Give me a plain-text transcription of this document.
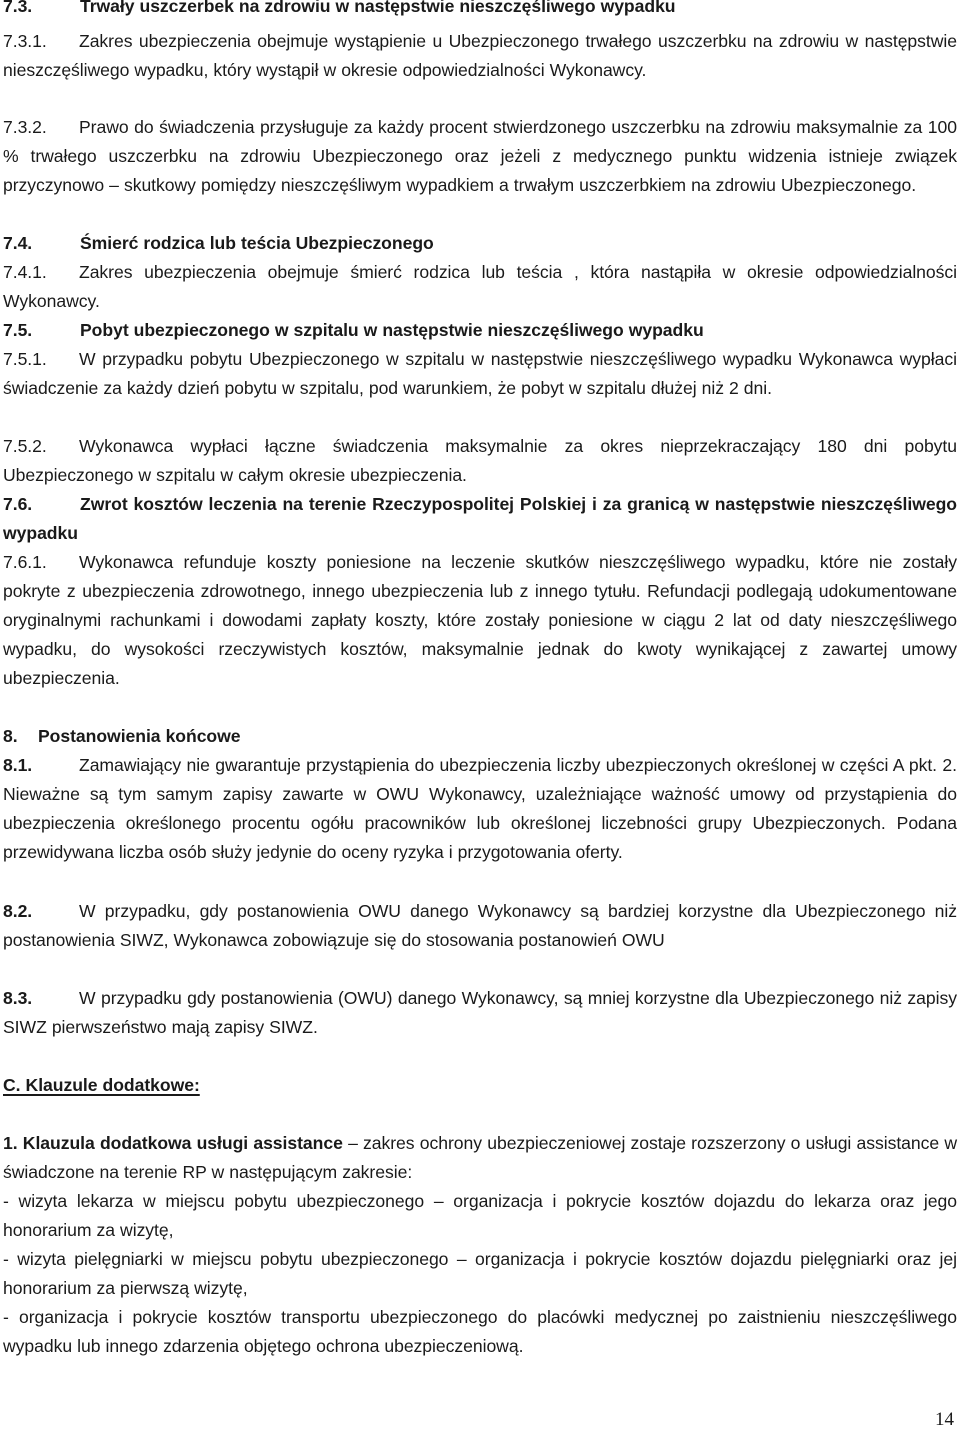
7.3.	Trwały uszczerbek na zdrowiu w następstwie nieszczęśliwego wypadku
7.3.1. Zakres ubezpieczenia obejmuje wystąpienie u Ubezpieczonego trwałego uszczerbku na zdrowiu w następstwie nieszczęśliwego wypadku, który wystąpił w okresie odpowiedzialności Wykonawcy.
7.3.2. Prawo do świadczenia przysługuje za każdy procent stwierdzonego uszczerbku na zdrowiu maksymalnie za 100 % trwałego uszczerbku na zdrowiu Ubezpieczonego oraz jeżeli z medycznego punktu widzenia istnieje związek przyczynowo – skutkowy pomiędzy nieszczęśliwym wypadkiem a trwałym uszczerbkiem na zdrowiu Ubezpieczonego.
7.4.	Śmierć rodzica lub teścia Ubezpieczonego
7.4.1. Zakres ubezpieczenia obejmuje śmierć rodzica lub teścia , która nastąpiła w okresie odpowiedzialności Wykonawcy.
7.5.	Pobyt ubezpieczonego w szpitalu w następstwie nieszczęśliwego wypadku
7.5.1. W przypadku pobytu Ubezpieczonego w szpitalu w następstwie nieszczęśliwego wypadku Wykonawca wypłaci świadczenie za każdy dzień pobytu w szpitalu, pod warunkiem, że pobyt w szpitalu dłużej niż 2 dni.
7.5.2. Wykonawca wypłaci łączne świadczenia maksymalnie za okres nieprzekraczający 180 dni pobytu Ubezpieczonego w szpitalu w całym okresie ubezpieczenia.
7.6.	Zwrot kosztów leczenia na terenie Rzeczypospolitej Polskiej i za granicą w następstwie nieszczęśliwego wypadku
7.6.1. Wykonawca refunduje koszty poniesione na leczenie skutków nieszczęśliwego wypadku, które nie zostały pokryte z ubezpieczenia zdrowotnego, innego ubezpieczenia lub z innego tytułu. Refundacji podlegają udokumentowane oryginalnymi rachunkami i dowodami zapłaty koszty, które zostały poniesione w ciągu 2 lat od daty nieszczęśliwego wypadku, do wysokości rzeczywistych kosztów, maksymalnie jednak do kwoty wynikającej z zawartej umowy ubezpieczenia.
8. Postanowienia końcowe
8.1.	Zamawiający nie gwarantuje przystąpienia do ubezpieczenia liczby ubezpieczonych określonej w części A pkt. 2. Nieważne są tym samym zapisy zawarte w OWU Wykonawcy, uzależniające ważność umowy od przystąpienia do ubezpieczenia określonego procentu ogółu pracowników lub określonej liczebności grupy Ubezpieczonych. Podana przewidywana liczba osób służy jedynie do oceny ryzyka i przygotowania oferty.
8.2.	W przypadku, gdy postanowienia OWU danego Wykonawcy są bardziej korzystne dla Ubezpieczonego niż postanowienia SIWZ, Wykonawca zobowiązuje się do stosowania postanowień OWU
8.3.	W przypadku gdy postanowienia (OWU) danego Wykonawcy, są mniej korzystne dla Ubezpieczonego niż zapisy SIWZ pierwszeństwo mają zapisy SIWZ.
C. Klauzule dodatkowe:
1. Klauzula dodatkowa usługi assistance – zakres ochrony ubezpieczeniowej zostaje rozszerzony o usługi assistance w świadczone na terenie RP w następującym zakresie:
- wizyta lekarza w miejscu pobytu ubezpieczonego – organizacja i pokrycie kosztów dojazdu do lekarza oraz jego honorarium za wizytę,
- wizyta pielęgniarki w miejscu pobytu ubezpieczonego – organizacja i pokrycie kosztów dojazdu pielęgniarki oraz jej honorarium za pierwszą wizytę,
- organizacja i pokrycie kosztów transportu ubezpieczonego do placówki medycznej po zaistnieniu nieszczęśliwego wypadku lub innego zdarzenia objętego ochrona ubezpieczeniową.
14
